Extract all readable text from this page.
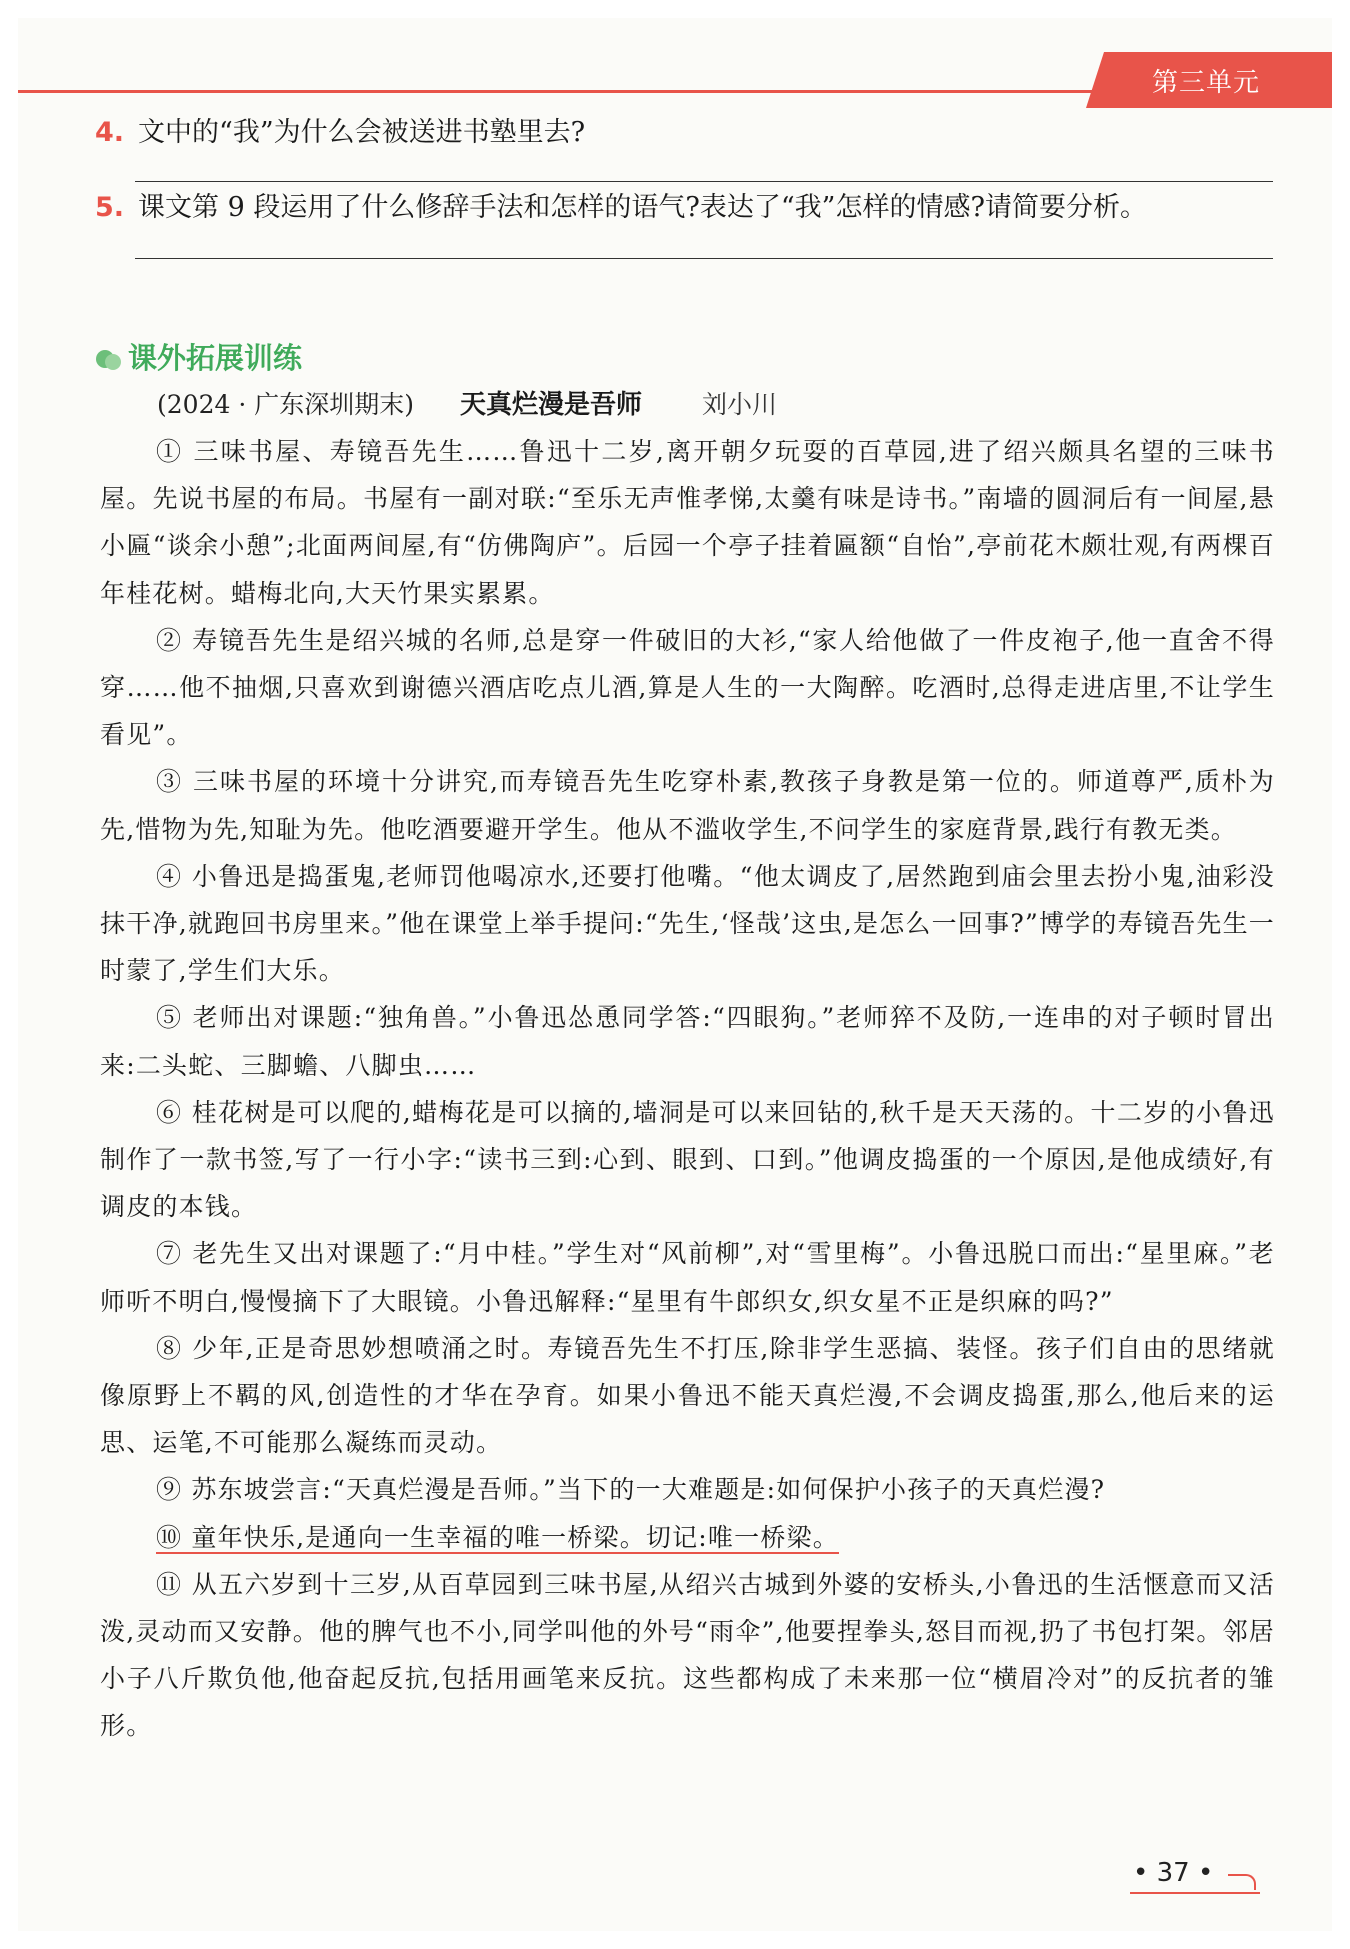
第三单元
4. 文中的“我”为什么会被送进书塾里去?
5. 课文第 9 段运用了什么修辞手法和怎样的语气?表达了“我”怎样的情感?请简要分析。
课外拓展训练
(2024 · 广东深圳期末) 天真烂漫是吾师 刘小川

① 三味书屋、寿镜吾先生……鲁迅十二岁,离开朝夕玩耍的百草园,进了绍兴颇具名望的三味书屋。先说书屋的布局。书屋有一副对联:“至乐无声惟孝悌,太羹有味是诗书。”南墙的圆洞后有一间屋,悬小匾“谈余小憩”;北面两间屋,有“仿佛陶庐”。后园一个亭子挂着匾额“自怡”,亭前花木颇壮观,有两棵百年桂花树。蜡梅北向,大天竹果实累累。

② 寿镜吾先生是绍兴城的名师,总是穿一件破旧的大衫,“家人给他做了一件皮袍子,他一直舍不得穿……他不抽烟,只喜欢到谢德兴酒店吃点儿酒,算是人生的一大陶醉。吃酒时,总得走进店里,不让学生看见”。

③ 三味书屋的环境十分讲究,而寿镜吾先生吃穿朴素,教孩子身教是第一位的。师道尊严,质朴为先,惜物为先,知耻为先。他吃酒要避开学生。他从不滥收学生,不问学生的家庭背景,践行有教无类。

④ 小鲁迅是捣蛋鬼,老师罚他喝凉水,还要打他嘴。“他太调皮了,居然跑到庙会里去扮小鬼,油彩没抹干净,就跑回书房里来。”他在课堂上举手提问:“先生,‘怪哉’这虫,是怎么一回事?”博学的寿镜吾先生一时蒙了,学生们大乐。

⑤ 老师出对课题:“独角兽。”小鲁迅怂恿同学答:“四眼狗。”老师猝不及防,一连串的对子顿时冒出来:二头蛇、三脚蟾、八脚虫……

⑥ 桂花树是可以爬的,蜡梅花是可以摘的,墙洞是可以来回钻的,秋千是天天荡的。十二岁的小鲁迅制作了一款书签,写了一行小字:“读书三到:心到、眼到、口到。”他调皮捣蛋的一个原因,是他成绩好,有调皮的本钱。

⑦ 老先生又出对课题了:“月中桂。”学生对“风前柳”,对“雪里梅”。小鲁迅脱口而出:“星里麻。”老师听不明白,慢慢摘下了大眼镜。小鲁迅解释:“星里有牛郎织女,织女星不正是织麻的吗?”

⑧ 少年,正是奇思妙想喷涌之时。寿镜吾先生不打压,除非学生恶搞、装怪。孩子们自由的思绪就像原野上不羁的风,创造性的才华在孕育。如果小鲁迅不能天真烂漫,不会调皮捣蛋,那么,他后来的运思、运笔,不可能那么凝练而灵动。

⑨ 苏东坡尝言:“天真烂漫是吾师。”当下的一大难题是:如何保护小孩子的天真烂漫?

⑩ 童年快乐,是通向一生幸福的唯一桥梁。切记:唯一桥梁。

⑪ 从五六岁到十三岁,从百草园到三味书屋,从绍兴古城到外婆的安桥头,小鲁迅的生活惬意而又活泼,灵动而又安静。他的脾气也不小,同学叫他的外号“雨伞”,他要捏拳头,怒目而视,扔了书包打架。邻居小子八斤欺负他,他奋起反抗,包括用画笔来反抗。这些都构成了未来那一位“横眉冷对”的反抗者的雏形。

• 37 •
